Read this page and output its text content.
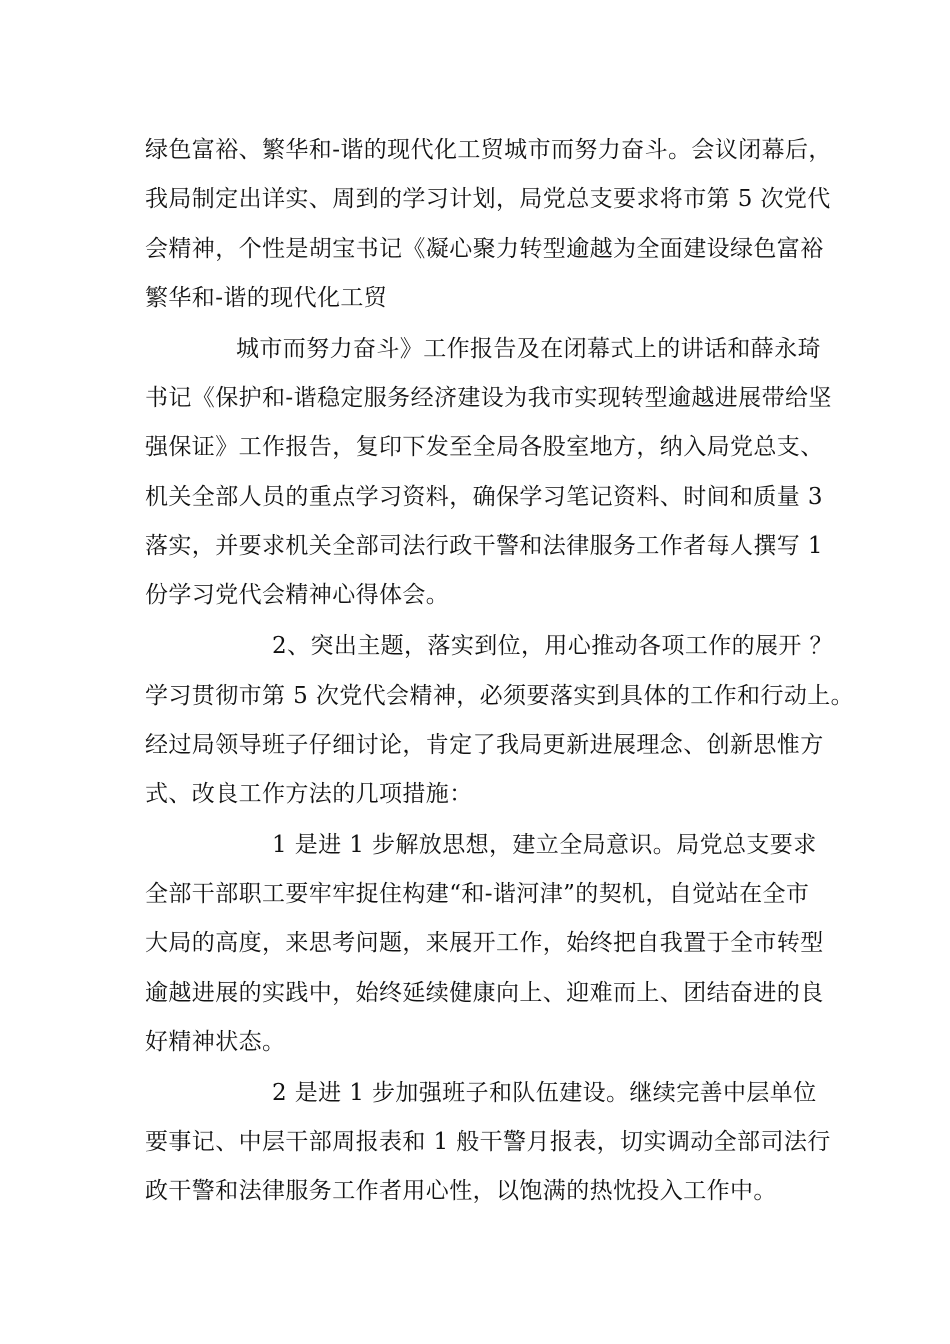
绿色富裕、繁华和-谐的现代化工贸城市而努力奋斗。会议闭幕后，
我局制定出详实、周到的学习计划，局党总支要求将市第 5 次党代
会精神，个性是胡宝书记《凝心聚力转型逾越为全面建设绿色富裕
繁华和-谐的现代化工贸
城市而努力奋斗》工作报告及在闭幕式上的讲话和薛永琦
书记《保护和-谐稳定服务经济建设为我市实现转型逾越进展带给坚
强保证》工作报告，复印下发至全局各股室地方，纳入局党总支、
机关全部人员的重点学习资料，确保学习笔记资料、时间和质量 3
落实，并要求机关全部司法行政干警和法律服务工作者每人撰写 1
份学习党代会精神心得体会。
2、突出主题，落实到位，用心推动各项工作的展开 ？
学习贯彻市第 5 次党代会精神，必须要落实到具体的工作和行动上。
经过局领导班子仔细讨论，肯定了我局更新进展理念、创新思惟方
式、改良工作方法的几项措施：
1 是进 1 步解放思想，建立全局意识。局党总支要求
全部干部职工要牢牢捉住构建“和-谐河津”的契机，自觉站在全市
大局的高度，来思考问题，来展开工作，始终把自我置于全市转型
逾越进展的实践中，始终延续健康向上、迎难而上、团结奋进的良
好精神状态。
2 是进 1 步加强班子和队伍建设。继续完善中层单位
要事记、中层干部周报表和 1 般干警月报表，切实调动全部司法行
政干警和法律服务工作者用心性，以饱满的热忱投入工作中。
